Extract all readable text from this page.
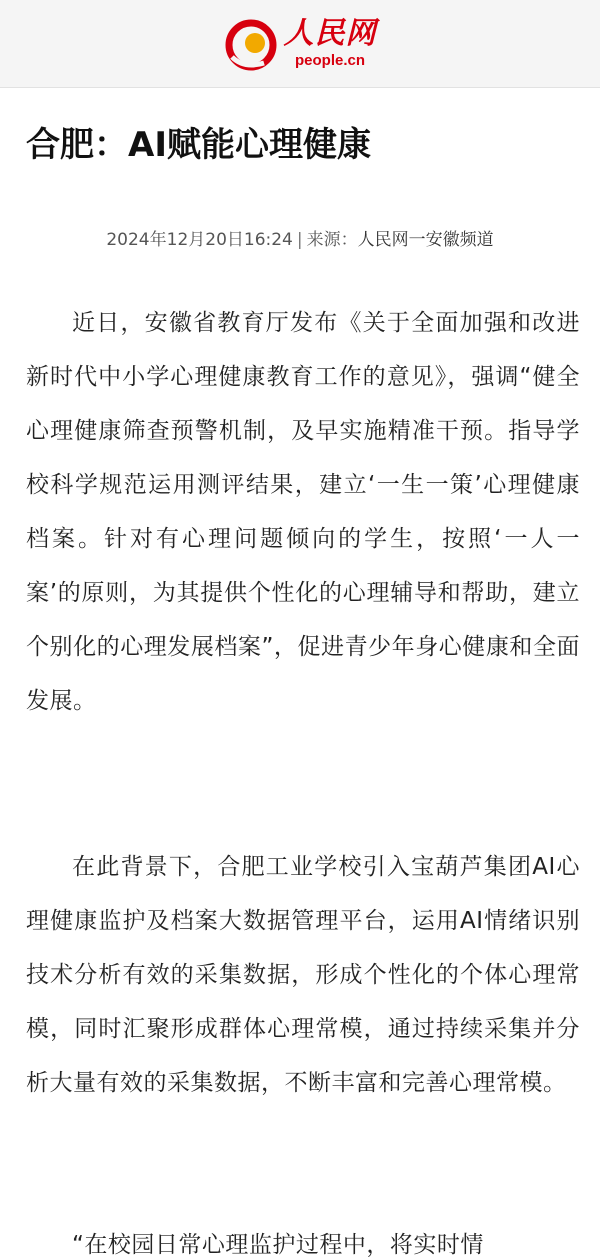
人民网
people.cn
合肥：AI赋能心理健康
2024年12月20日16:24 | 来源：人民网一安徽频道

近日，安徽省教育厅发布《关于全面加强和改进新时代中小学心理健康教育工作的意见》，强调“健全心理健康筛查预警机制，及早实施精准干预。指导学校科学规范运用测评结果，建立‘一生一策’心理健康档案。针对有心理问题倾向的学生，按照‘一人一案’的原则，为其提供个性化的心理辅导和帮助，建立个别化的心理发展档案”，促进青少年身心健康和全面发展。

在此背景下，合肥工业学校引入宝葫芦集团AI心理健康监护及档案大数据管理平台，运用AI情绪识别技术分析有效的采集数据，形成个性化的个体心理常模，同时汇聚形成群体心理常模，通过持续采集并分析大量有效的采集数据，不断丰富和完善心理常模。

“在校园日常心理监护过程中，将实时情
